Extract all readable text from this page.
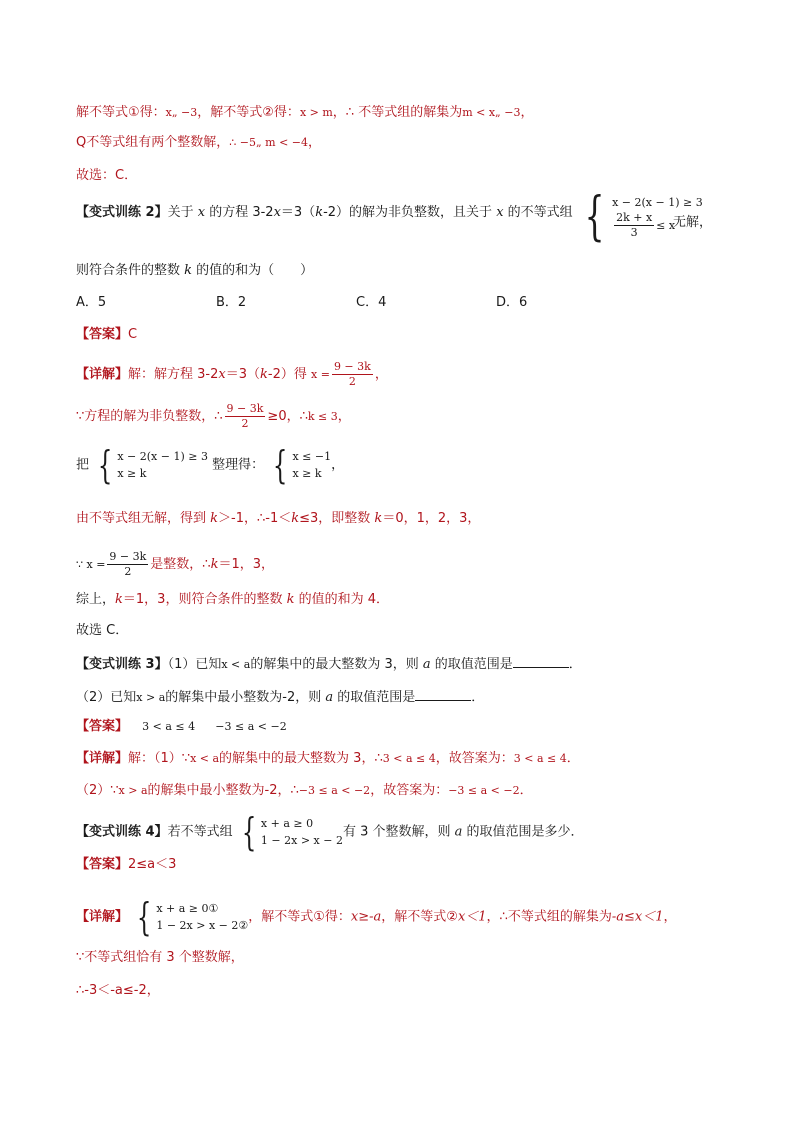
解不等式①得：x„ −3，解不等式②得：x > m，∴ 不等式组的解集为m < x„ −3，
Q不等式组有两个整数解，∴ −5„ m < −4，
故选：C．
【变式训练 2】关于 x 的方程 3-2x＝3（k-2）的解为非负整数，且关于 x 的不等式组 { x − 2(x − 1) ≥ 3
$\frac{2k + x}{3} \le x$
无解，
则符合条件的整数 k 的值的和为（　　）
A．5	B．2	C．4	D．6
【答案】C
【详解】解：解方程 3-2x＝3（k-2）得 $x = \frac{9 - 3k}{2}$ ，
∵方程的解为非负整数，∴ $\frac{9 - 3k}{2} \ge 0$，∴k ≤ 3，
把 { x − 2(x − 1) ≥ 3
x ≥ k
整理得： { x ≤ −1
x ≥ k
，
由不等式组无解，得到 k＞-1，∴-1＜k≤3，即整数 k＝0，1，2，3，
∵ $x = \frac{9 - 3k}{2}$ 是整数，∴k＝1，3，
综上，k＝1，3，则符合条件的整数 k 的值的和为 4．
故选 C．
【变式训练 3】（1）已知x < a的解集中的最大整数为 3，则 a 的取值范围是	．
（2）已知x > a的解集中最小整数为-2，则 a 的取值范围是	．
【答案】 3 < a ≤ 4 −3 ≤ a < −2
【详解】解：（1）∵x < a的解集中的最大整数为 3，∴3 < a ≤ 4，故答案为：3 < a ≤ 4．
（2）∵x > a的解集中最小整数为-2，∴−3 ≤ a < −2，故答案为：−3 ≤ a < −2．
【变式训练 4】若不等式组 { x + a ≥ 0
1 − 2x > x − 2
有 3 个整数解，则 a 的取值范围是多少．
【答案】2≤a＜3
【详解】 { x + a ≥ 0①
1 − 2x > x − 2②
，解不等式①得：x≥-a，解不等式②x＜1，∴不等式组的解集为-a≤x＜1，
∵不等式组恰有 3 个整数解，
∴-3＜-a≤-2，
